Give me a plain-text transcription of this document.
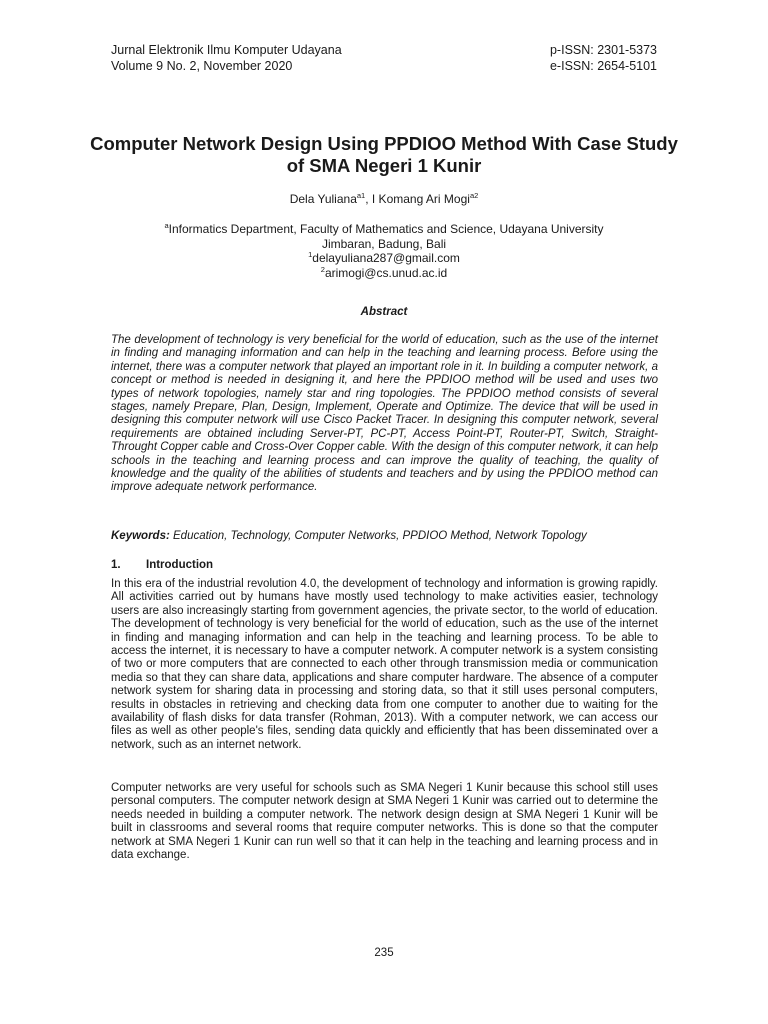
Jurnal Elektronik Ilmu Komputer Udayana
Volume 9 No. 2, November 2020
p-ISSN: 2301-5373
e-ISSN: 2654-5101
Computer Network Design Using PPDIOO Method With Case Study of SMA Negeri 1 Kunir
Dela Yuliana$^{a1}$, I Komang Ari Mogi$^{a2}$
$^a$Informatics Department, Faculty of Mathematics and Science, Udayana University
Jimbaran, Badung, Bali
$^1$delayuliana287@gmail.com
$^2$arimogi@cs.unud.ac.id
Abstract

The development of technology is very beneficial for the world of education, such as the use of the internet in finding and managing information and can help in the teaching and learning process. Before using the internet, there was a computer network that played an important role in it. In building a computer network, a concept or method is needed in designing it, and here the PPDIOO method will be used and uses two types of network topologies, namely star and ring topologies. The PPDIOO method consists of several stages, namely Prepare, Plan, Design, Implement, Operate and Optimize. The device that will be used in designing this computer network will use Cisco Packet Tracer. In designing this computer network, several requirements are obtained including Server-PT, PC-PT, Access Point-PT, Router-PT, Switch, Straight-Throught Copper cable and Cross-Over Copper cable. With the design of this computer network, it can help schools in the teaching and learning process and can improve the quality of teaching, the quality of knowledge and the quality of the abilities of students and teachers and by using the PPDIOO method can improve adequate network performance.

Keywords: Education, Technology, Computer Networks, PPDIOO Method, Network Topology

1. Introduction

In this era of the industrial revolution 4.0, the development of technology and information is growing rapidly. All activities carried out by humans have mostly used technology to make activities easier, technology users are also increasingly starting from government agencies, the private sector, to the world of education. The development of technology is very beneficial for the world of education, such as the use of the internet in finding and managing information and can help in the teaching and learning process. To be able to access the internet, it is necessary to have a computer network. A computer network is a system consisting of two or more computers that are connected to each other through transmission media or communication media so that they can share data, applications and share computer hardware. The absence of a computer network system for sharing data in processing and storing data, so that it still uses personal computers, results in obstacles in retrieving and checking data from one computer to another due to waiting for the availability of flash disks for data transfer (Rohman, 2013). With a computer network, we can access our files as well as other people's files, sending data quickly and efficiently that has been disseminated over a network, such as an internet network.

Computer networks are very useful for schools such as SMA Negeri 1 Kunir because this school still uses personal computers. The computer network design at SMA Negeri 1 Kunir was carried out to determine the needs needed in building a computer network. The network design design at SMA Negeri 1 Kunir will be built in classrooms and several rooms that require computer networks. This is done so that the computer network at SMA Negeri 1 Kunir can run well so that it can help in the teaching and learning process and in data exchange.

235
